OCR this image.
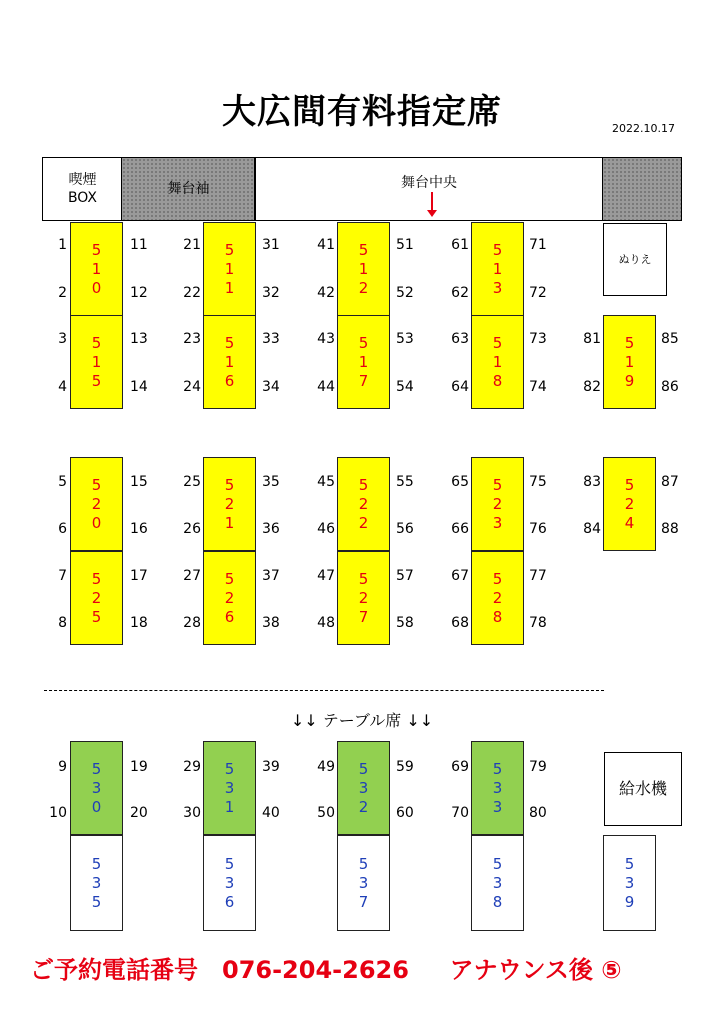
大広間有料指定席	2022.10.17
喫煙
BOX
舞台袖	舞台中央
ぬりえ
5
1
0
5
1
1
5
1
2
5
1
3
5
1
5
5
1
6
5
1
7
5
1
8
5
1
9
5
2
0
5
2
1
5
2
2
5
2
3
5
2
4
5
2
5
5
2
6
5
2
7
5
2
8
5
3
0
5
3
1
5
3
2
5
3
3
5
3
5
5
3
6
5
3
7
5
3
8
5
3
9
1
2
11
12
21
22
31
32
41
42
51
52
61
62
71
72
3
4
13
14
23
24
33
34
43
44
53
54
63
64
73
74
81
82
85
86
5
6
15
16
25
26
35
36
45
46
55
56
65
66
75
76
83
84
87
88
7
8
17
18
27
28
37
38
47
48
57
58
67
68
77
78
9
10
19
20
29
30
39
40
49
50
59
60
69
70
79
80
↓↓ テーブル席 ↓↓
給水機
ご予約電話番号　076-204-2626　  アナウンス後 ⑤
